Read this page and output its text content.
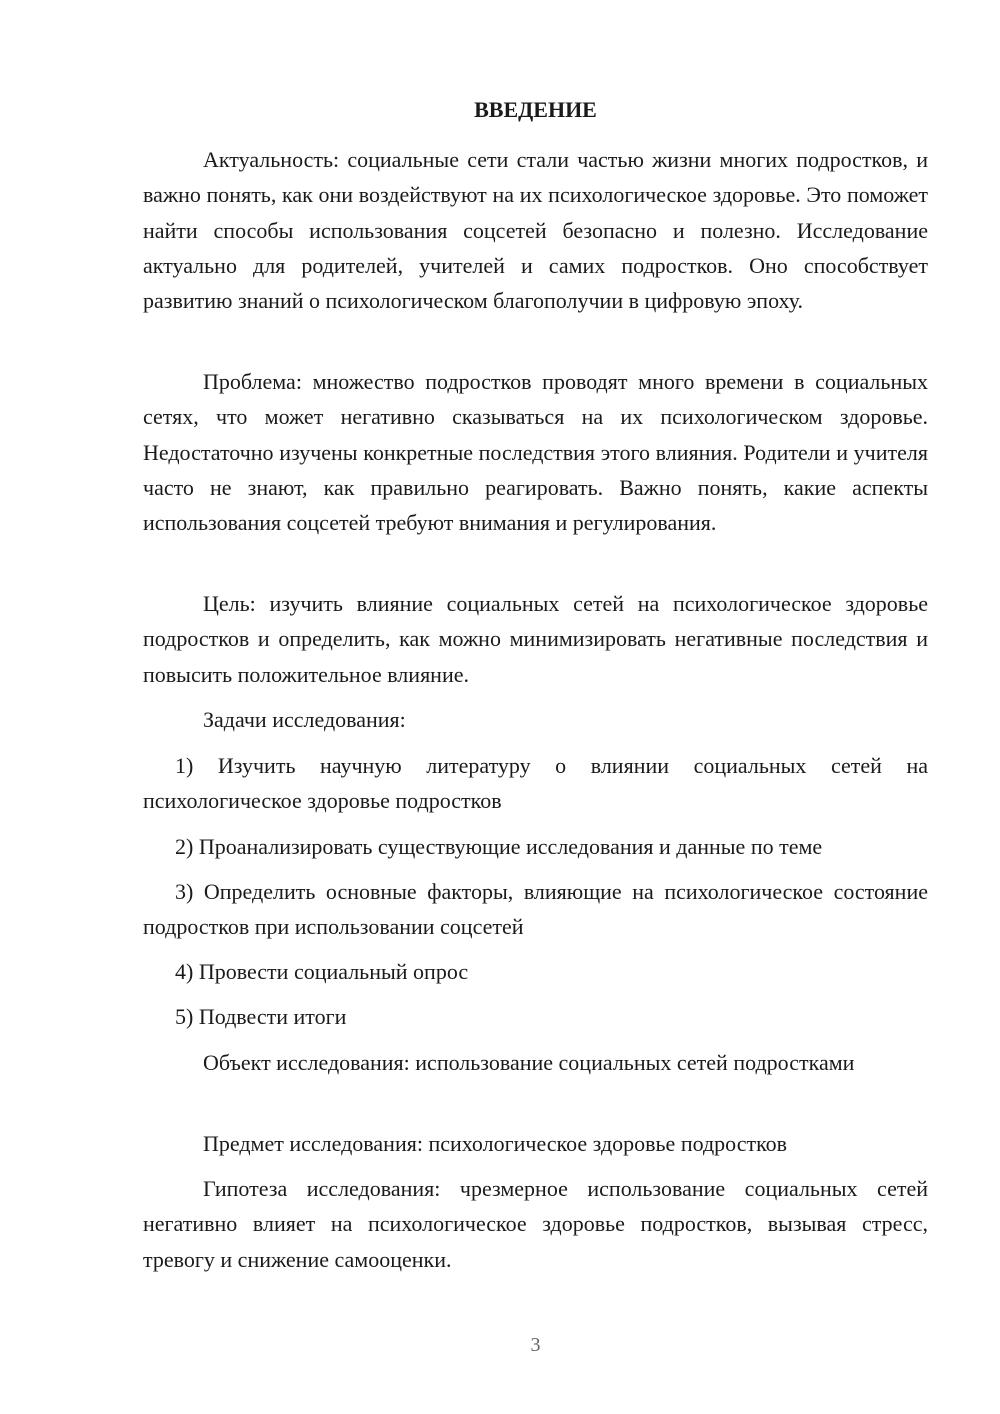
ВВЕДЕНИЕ

Актуальность: социальные сети стали частью жизни многих подростков, и важно понять, как они воздействуют на их психологическое здоровье. Это поможет найти способы использования соцсетей безопасно и полезно. Исследование актуально для родителей, учителей и самих подростков. Оно способствует развитию знаний о психологическом благополучии в цифровую эпоху.

Проблема: множество подростков проводят много времени в социальных сетях, что может негативно сказываться на их психологическом здоровье. Недостаточно изучены конкретные последствия этого влияния. Родители и учителя часто не знают, как правильно реагировать. Важно понять, какие аспекты использования соцсетей требуют внимания и регулирования.

Цель: изучить влияние социальных сетей на психологическое здоровье подростков и определить, как можно минимизировать негативные последствия и повысить положительное влияние.

Задачи исследования:

1) Изучить научную литературу о влиянии социальных сетей на психологическое здоровье подростков

2) Проанализировать существующие исследования и данные по теме

3) Определить основные факторы, влияющие на психологическое состояние подростков при использовании соцсетей

4) Провести социальный опрос

5) Подвести итоги

Объект исследования: использование социальных сетей подростками

Предмет исследования: психологическое здоровье подростков

Гипотеза исследования: чрезмерное использование социальных сетей негативно влияет на психологическое здоровье подростков, вызывая стресс, тревогу и снижение самооценки.

3
